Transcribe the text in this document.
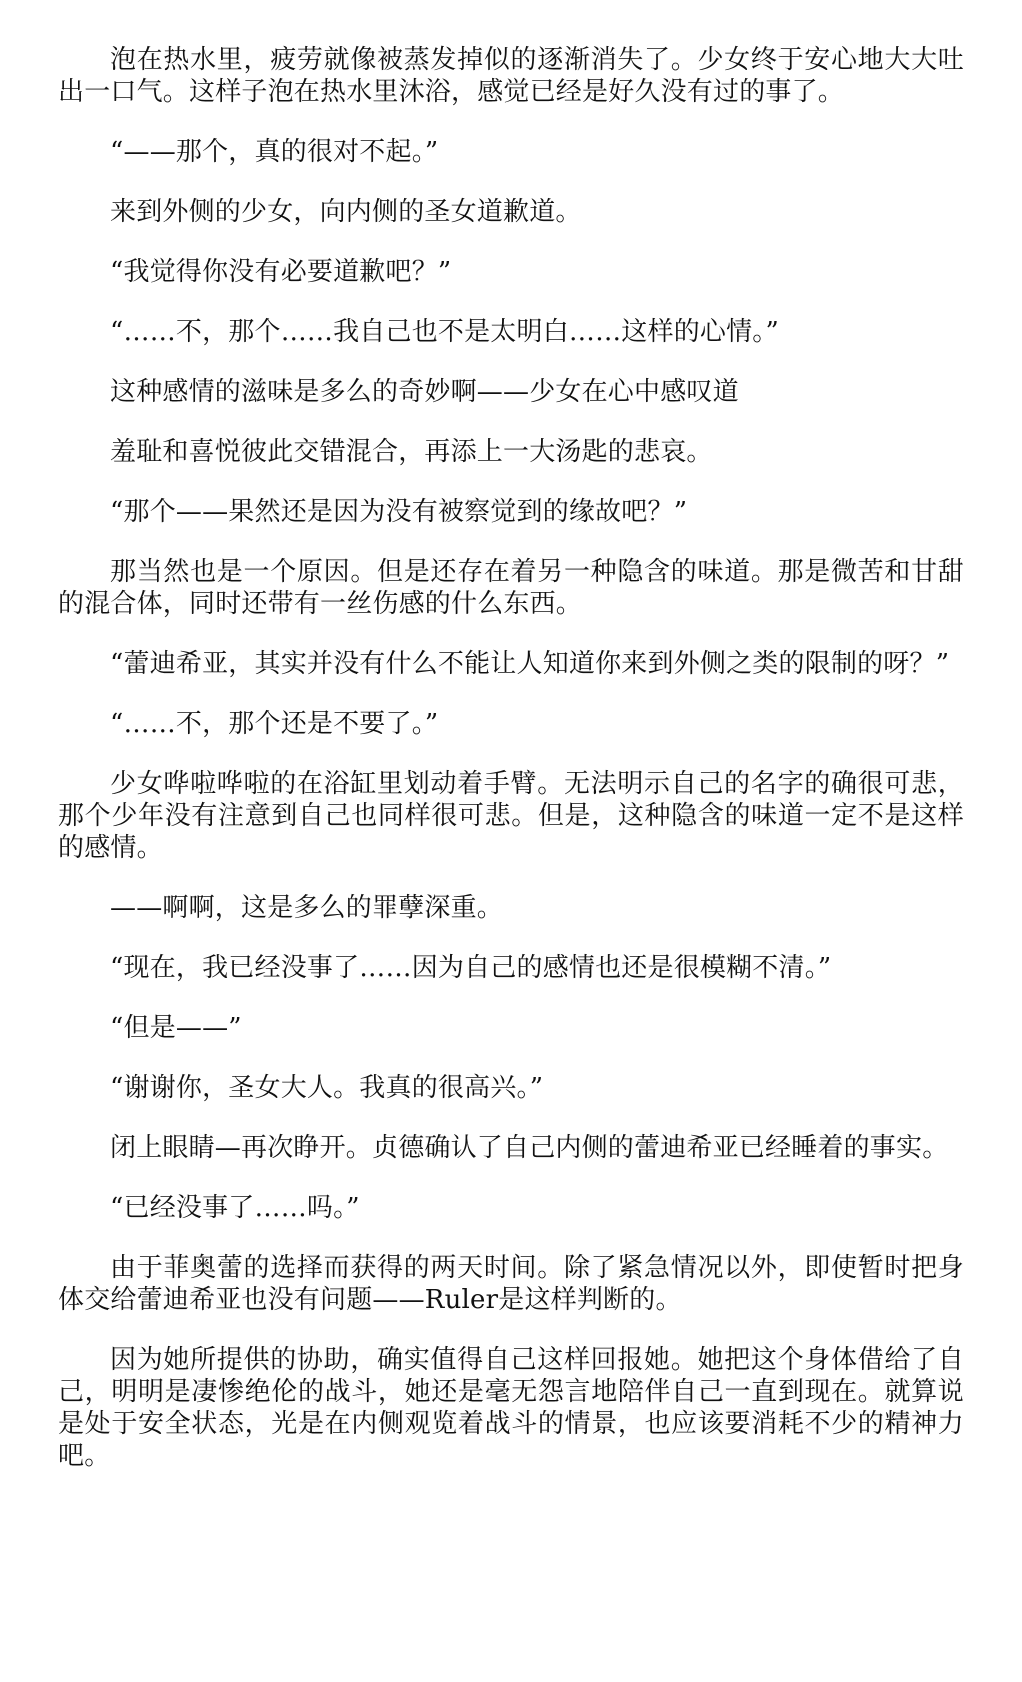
泡在热水里，疲劳就像被蒸发掉似的逐渐消失了。少女终于安心地大大吐出一口气。这样子泡在热水里沐浴，感觉已经是好久没有过的事了。

“——那个，真的很对不起。”

来到外侧的少女，向内侧的圣女道歉道。

“我觉得你没有必要道歉吧？”

“……不，那个……我自己也不是太明白……这样的心情。”

这种感情的滋味是多么的奇妙啊——少女在心中感叹道

羞耻和喜悦彼此交错混合，再添上一大汤匙的悲哀。

“那个——果然还是因为没有被察觉到的缘故吧？”

那当然也是一个原因。但是还存在着另一种隐含的味道。那是微苦和甘甜的混合体，同时还带有一丝伤感的什么东西。

“蕾迪希亚，其实并没有什么不能让人知道你来到外侧之类的限制的呀？”

“……不，那个还是不要了。”

少女哗啦哗啦的在浴缸里划动着手臂。无法明示自己的名字的确很可悲，那个少年没有注意到自己也同样很可悲。但是，这种隐含的味道一定不是这样的感情。

——啊啊，这是多么的罪孽深重。

“现在，我已经没事了……因为自己的感情也还是很模糊不清。”

“但是——”

“谢谢你，圣女大人。我真的很高兴。”

闭上眼睛—再次睁开。贞德确认了自己内侧的蕾迪希亚已经睡着的事实。

“已经没事了……吗。”

由于菲奥蕾的选择而获得的两天时间。除了紧急情况以外，即使暂时把身体交给蕾迪希亚也没有问题——Ruler是这样判断的。

因为她所提供的协助，确实值得自己这样回报她。她把这个身体借给了自己，明明是凄惨绝伦的战斗，她还是毫无怨言地陪伴自己一直到现在。就算说是处于安全状态，光是在内侧观览着战斗的情景，也应该要消耗不少的精神力吧。
